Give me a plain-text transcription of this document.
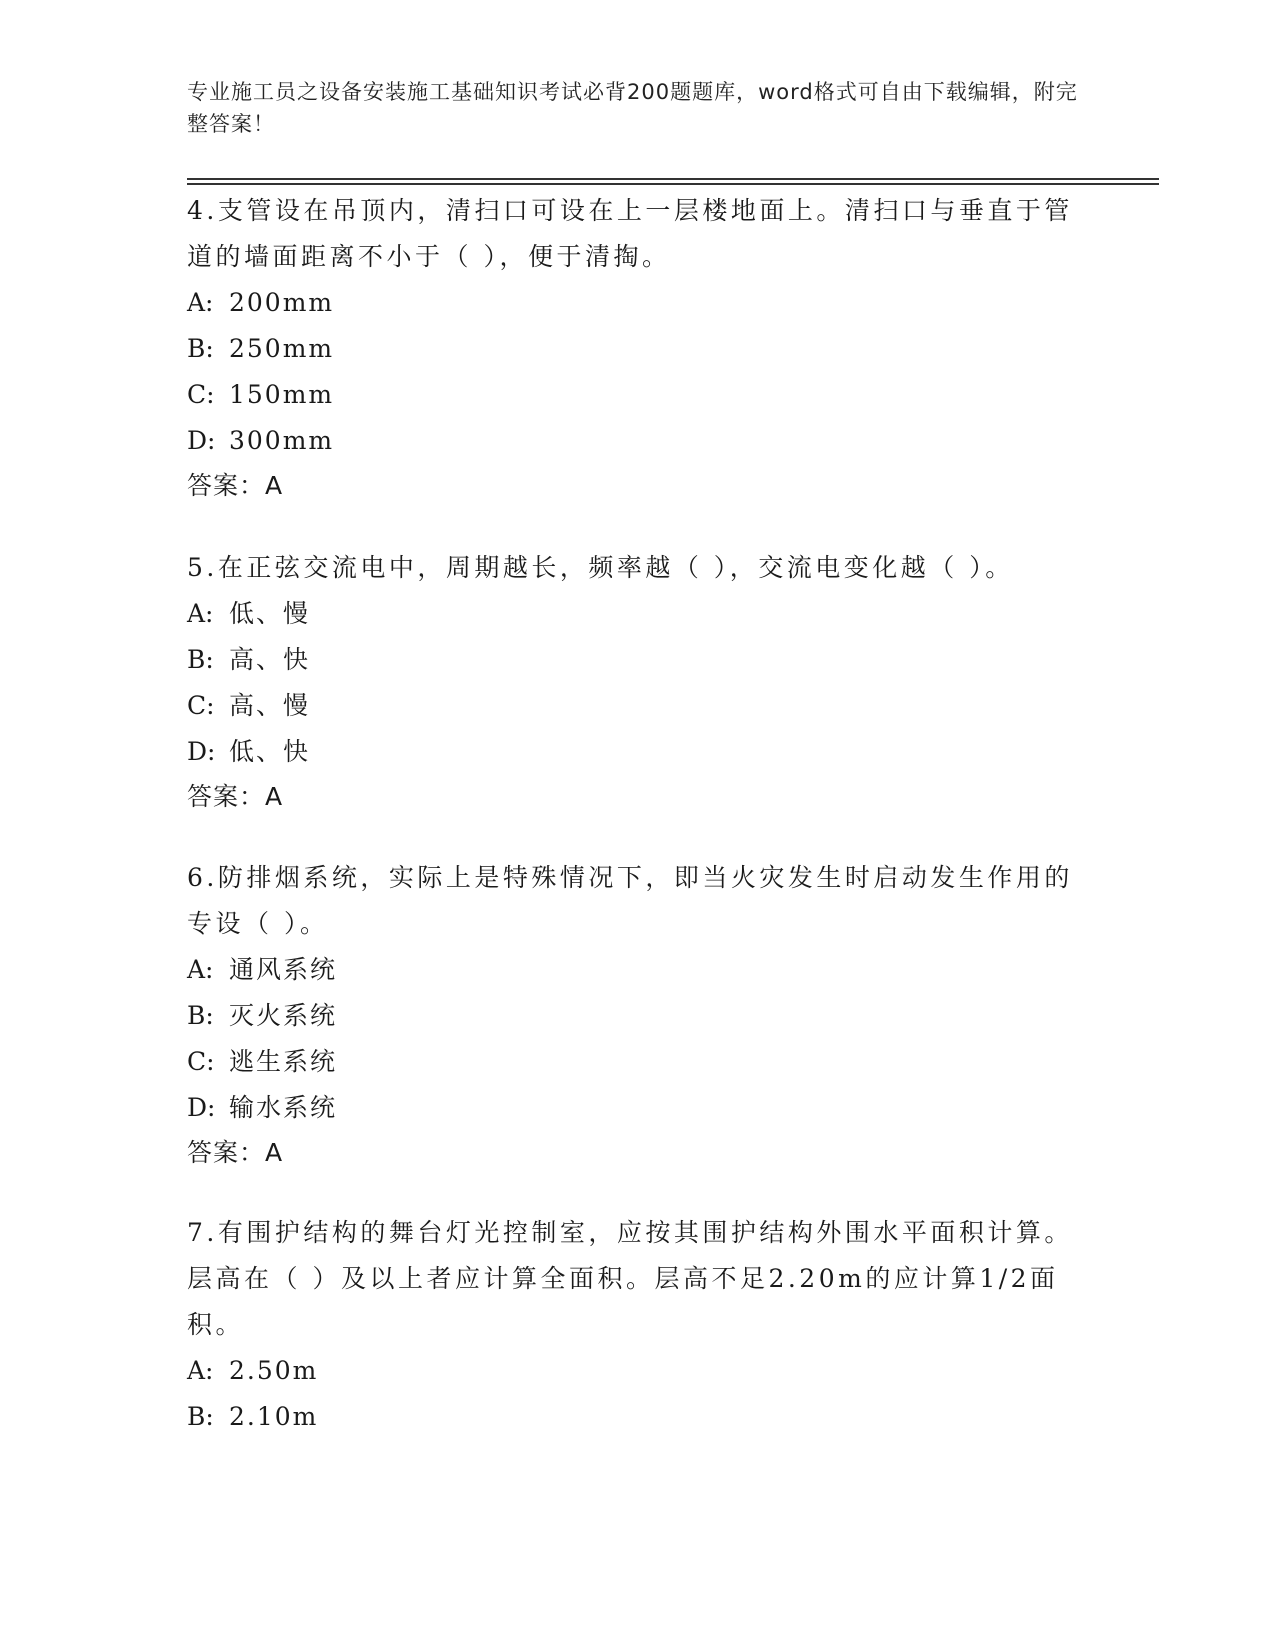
专业施工员之设备安装施工基础知识考试必背200题题库，word格式可自由下载编辑，附完整答案！

4.支管设在吊顶内，清扫口可设在上一层楼地面上。清扫口与垂直于管道的墙面距离不小于（ ），便于清掏。

A: 200mm

B: 250mm

C: 150mm

D: 300mm

答案：A

5.在正弦交流电中，周期越长，频率越（ ），交流电变化越（ ）。

A: 低、慢

B: 高、快

C: 高、慢

D: 低、快

答案：A

6.防排烟系统，实际上是特殊情况下，即当火灾发生时启动发生作用的专设（ ）。

A: 通风系统

B: 灭火系统

C: 逃生系统

D: 输水系统

答案：A

7.有围护结构的舞台灯光控制室，应按其围护结构外围水平面积计算。层高在（ ）及以上者应计算全面积。层高不足2.20m的应计算1/2面积。

A: 2.50m

B: 2.10m
